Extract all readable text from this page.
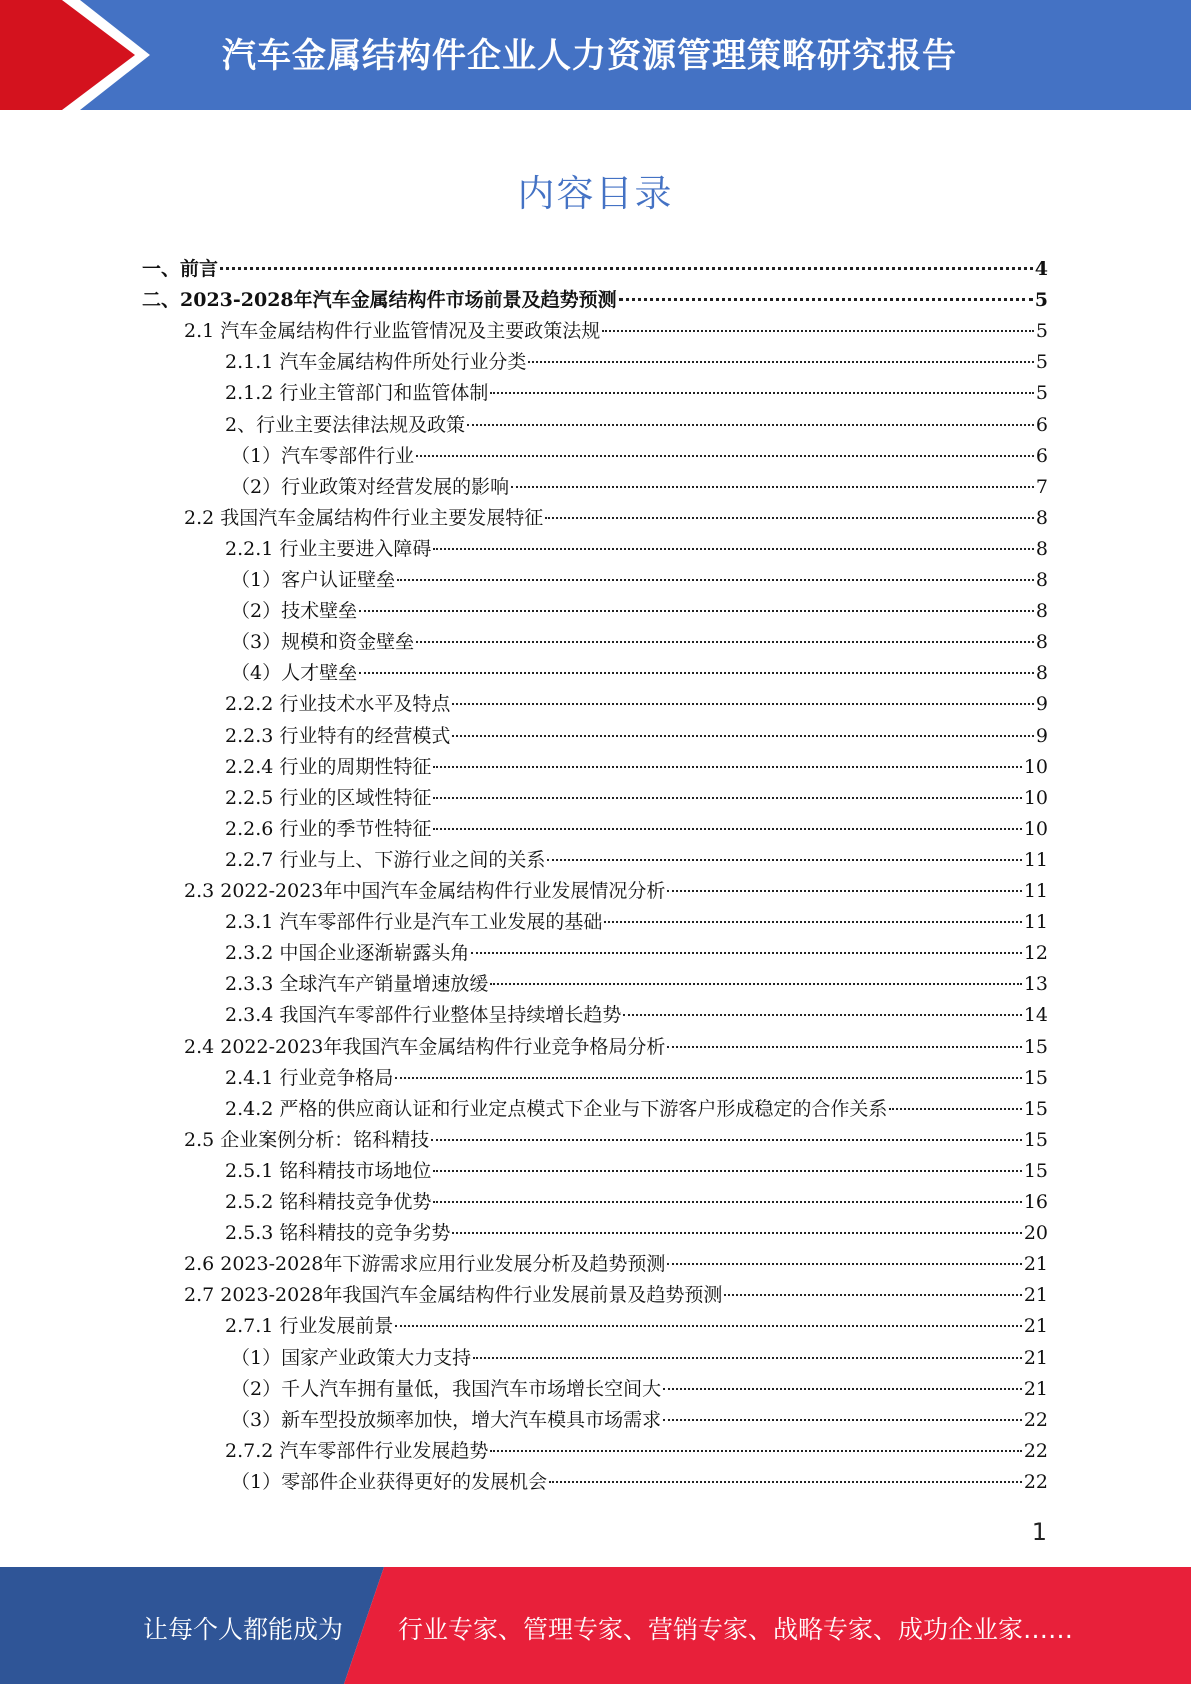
汽车金属结构件企业人力资源管理策略研究报告
内容目录
一、前言	4
二、2023-2028年汽车金属结构件市场前景及趋势预测	5
2.1 汽车金属结构件行业监管情况及主要政策法规	5
2.1.1 汽车金属结构件所处行业分类	5
2.1.2 行业主管部门和监管体制	5
2、行业主要法律法规及政策	6
（1）汽车零部件行业	6
（2）行业政策对经营发展的影响	7
2.2 我国汽车金属结构件行业主要发展特征	8
2.2.1 行业主要进入障碍	8
（1）客户认证壁垒	8
（2）技术壁垒	8
（3）规模和资金壁垒	8
（4）人才壁垒	8
2.2.2 行业技术水平及特点	9
2.2.3 行业特有的经营模式	9
2.2.4 行业的周期性特征	10
2.2.5 行业的区域性特征	10
2.2.6 行业的季节性特征	10
2.2.7 行业与上、下游行业之间的关系	11
2.3 2022-2023年中国汽车金属结构件行业发展情况分析	11
2.3.1 汽车零部件行业是汽车工业发展的基础	11
2.3.2 中国企业逐渐崭露头角	12
2.3.3 全球汽车产销量增速放缓	13
2.3.4 我国汽车零部件行业整体呈持续增长趋势	14
2.4 2022-2023年我国汽车金属结构件行业竞争格局分析	15
2.4.1 行业竞争格局	15
2.4.2 严格的供应商认证和行业定点模式下企业与下游客户形成稳定的合作关系	15
2.5 企业案例分析：铭科精技	15
2.5.1 铭科精技市场地位	15
2.5.2 铭科精技竞争优势	16
2.5.3 铭科精技的竞争劣势	20
2.6 2023-2028年下游需求应用行业发展分析及趋势预测	21
2.7 2023-2028年我国汽车金属结构件行业发展前景及趋势预测	21
2.7.1 行业发展前景	21
（1）国家产业政策大力支持	21
（2）千人汽车拥有量低，我国汽车市场增长空间大	21
（3）新车型投放频率加快，增大汽车模具市场需求	22
2.7.2 汽车零部件行业发展趋势	22
（1）零部件企业获得更好的发展机会	22
1
让每个人都能成为 行业专家、管理专家、营销专家、战略专家、成功企业家……
